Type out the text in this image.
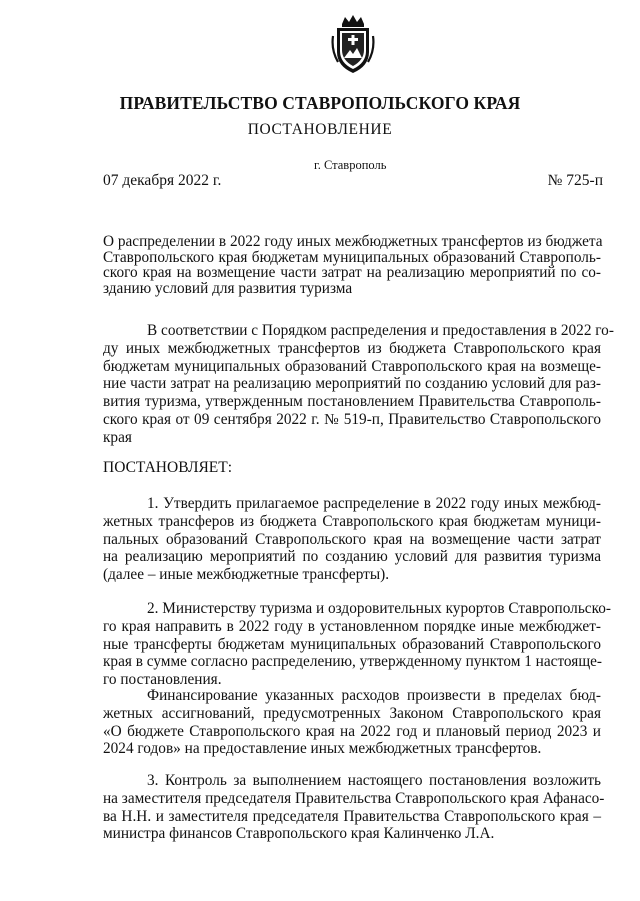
ПРАВИТЕЛЬСТВО СТАВРОПОЛЬСКОГО КРАЯ
ПОСТАНОВЛЕНИЕ
г. Ставрополь
07 декабря 2022 г.	№ 725-п
О распределении в 2022 году иных межбюджетных трансфертов из бюджета
Ставропольского края бюджетам муниципальных образований Ставрополь-
ского края на возмещение части затрат на реализацию мероприятий по со-
зданию условий для развития туризма
В соответствии с Порядком распределения и предоставления в 2022 го-
ду иных межбюджетных трансфертов из бюджета Ставропольского края
бюджетам муниципальных образований Ставропольского края на возмеще-
ние части затрат на реализацию мероприятий по созданию условий для раз-
вития туризма, утвержденным постановлением Правительства Ставрополь-
ского края от 09 сентября 2022 г. № 519-п, Правительство Ставропольского
края
ПОСТАНОВЛЯЕТ:
1. Утвердить прилагаемое распределение в 2022 году иных межбюд-
жетных трансферов из бюджета Ставропольского края бюджетам муници-
пальных образований Ставропольского края на возмещение части затрат
на реализацию мероприятий по созданию условий для развития туризма
(далее – иные межбюджетные трансферты).
2. Министерству туризма и оздоровительных курортов Ставропольско-
го края направить в 2022 году в установленном порядке иные межбюджет-
ные трансферты бюджетам муниципальных образований Ставропольского
края в сумме согласно распределению, утвержденному пунктом 1 настояще-
го постановления.
Финансирование указанных расходов произвести в пределах бюд-
жетных ассигнований, предусмотренных Законом Ставропольского края
«О бюджете Ставропольского края на 2022 год и плановый период 2023 и
2024 годов» на предоставление иных межбюджетных трансфертов.
3. Контроль за выполнением настоящего постановления возложить
на заместителя председателя Правительства Ставропольского края Афанасо-
ва Н.Н. и заместителя председателя Правительства Ставропольского края –
министра финансов Ставропольского края Калинченко Л.А.
